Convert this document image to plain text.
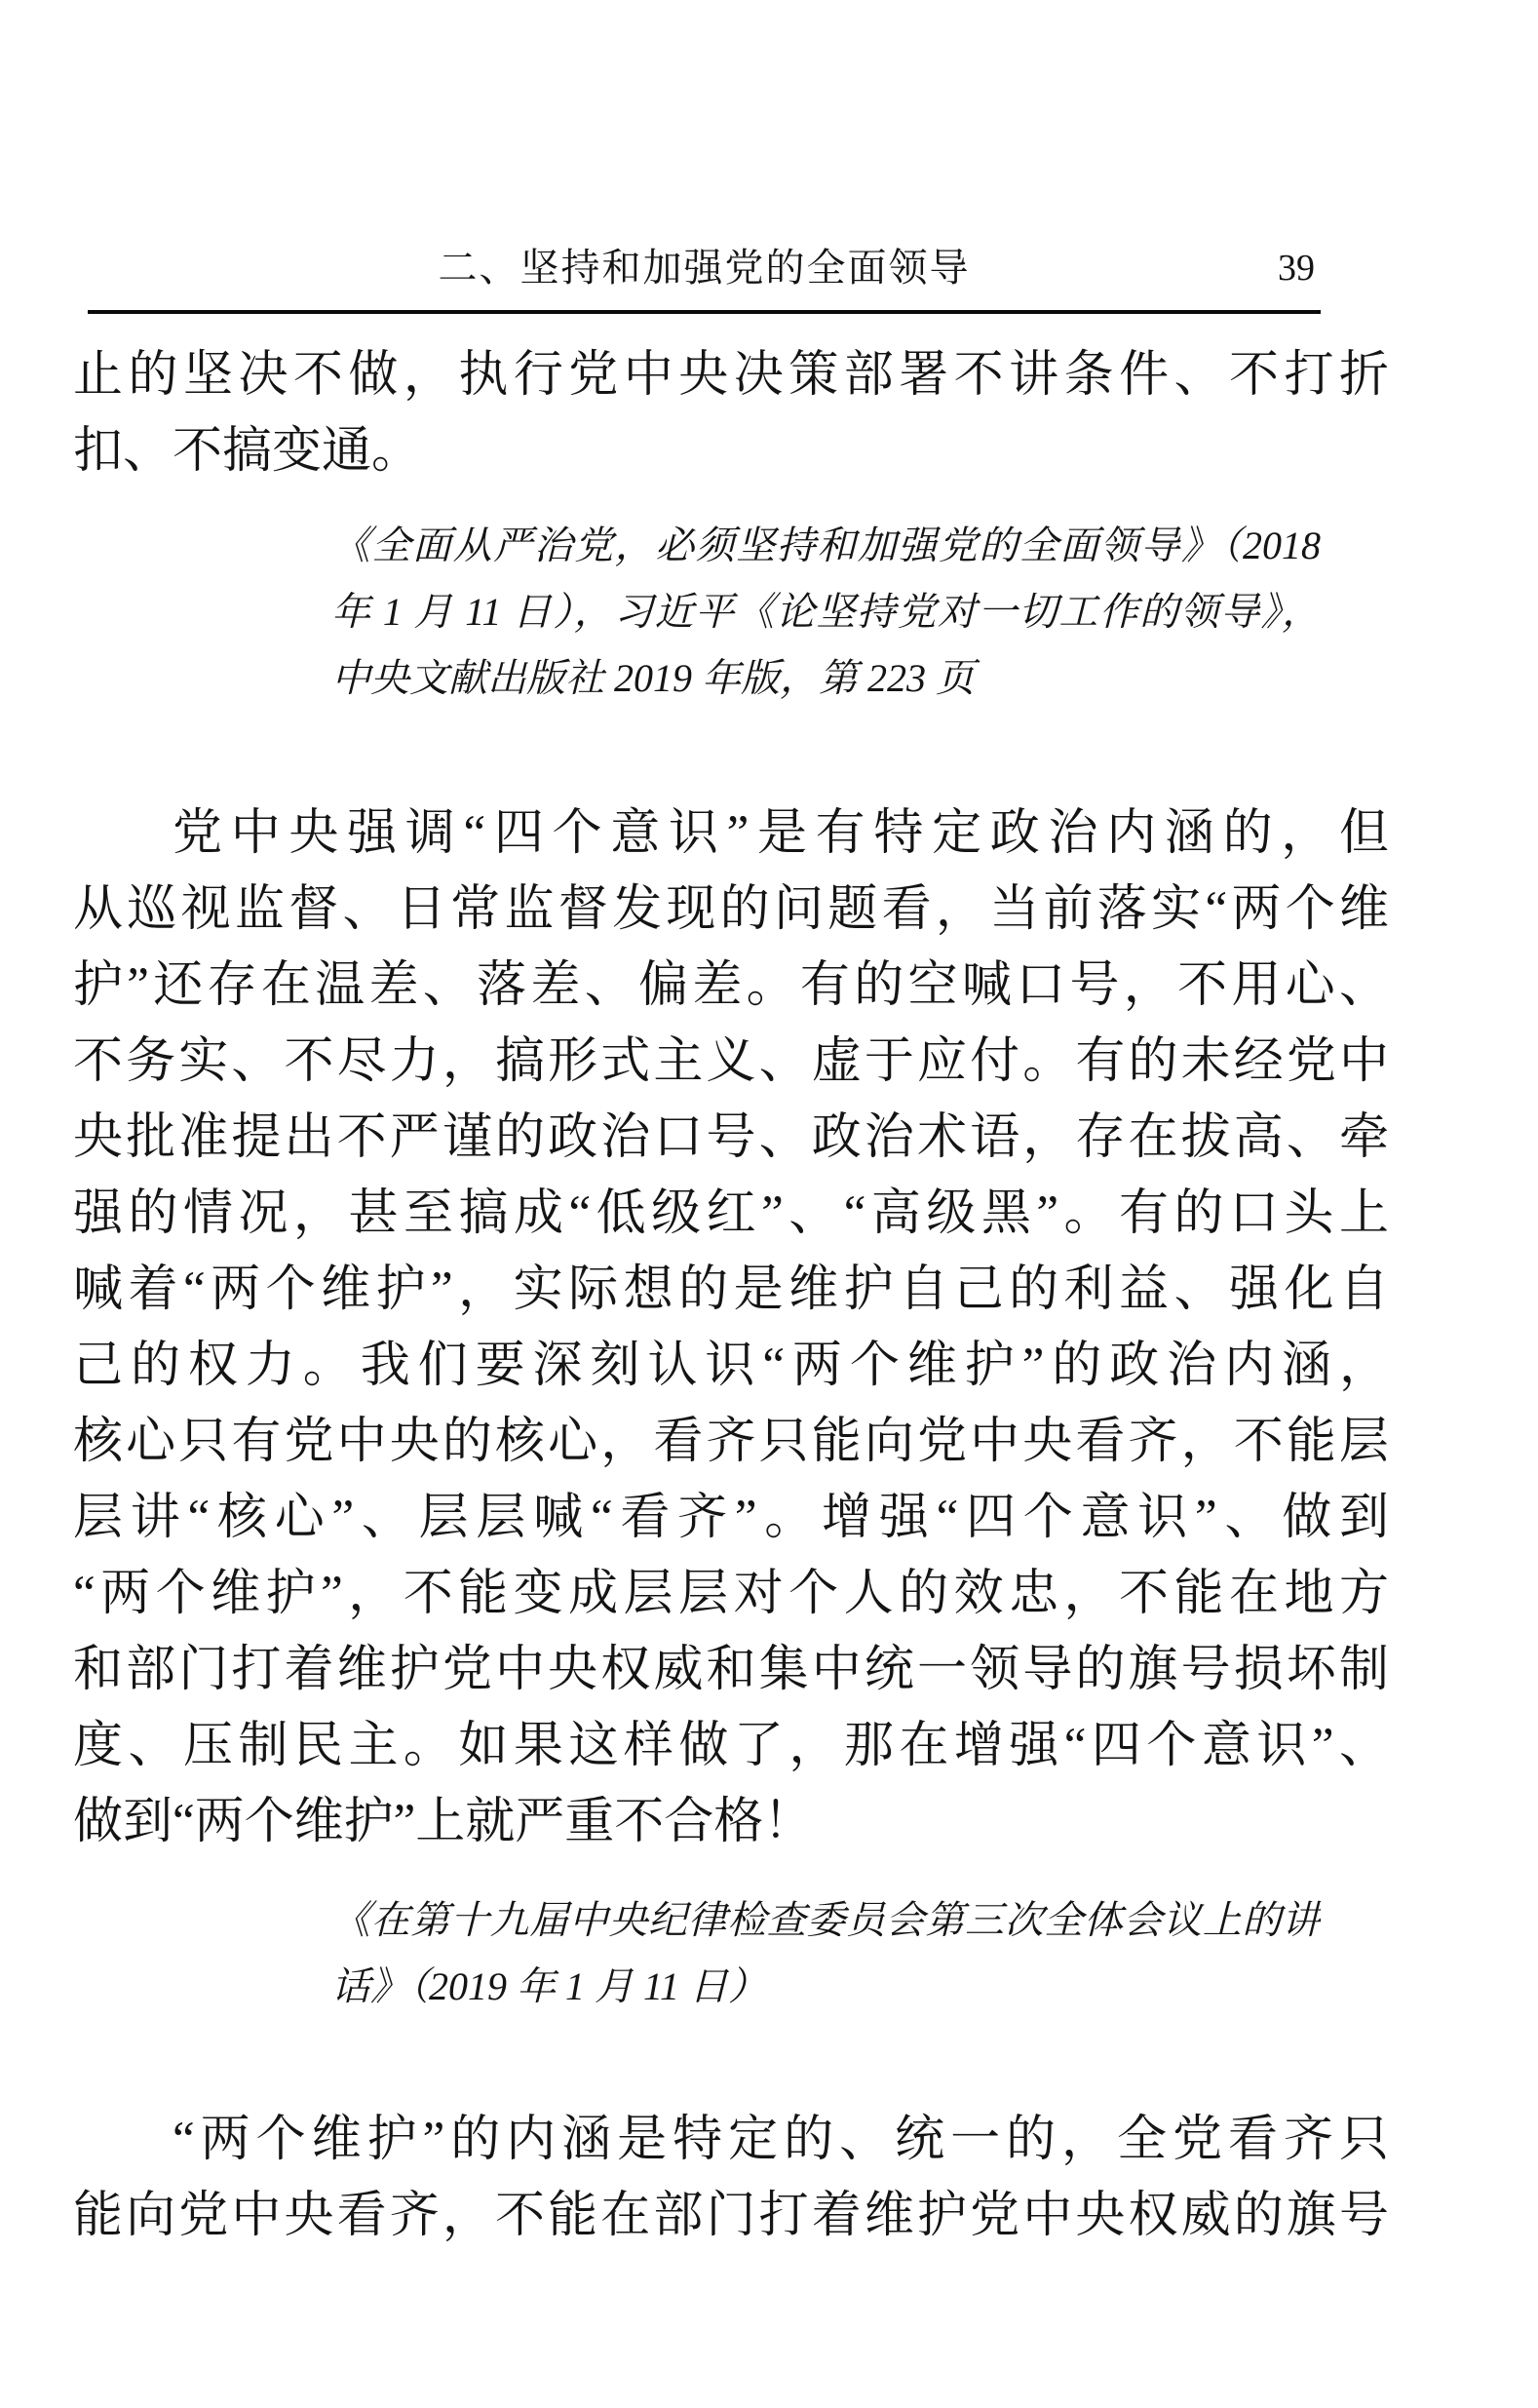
二、坚持和加强党的全面领导	39
止的坚决不做，执行党中央决策部署不讲条件、不打折
扣、不搞变通。
《全面从严治党，必须坚持和加强党的全面领导》（2018
年 1 月 11 日），习近平《论坚持党对一切工作的领导》，
中央文献出版社 2019 年版，第 223 页
党中央强调“四个意识”是有特定政治内涵的，但
从巡视监督、日常监督发现的问题看，当前落实“两个维
护”还存在温差、落差、偏差。有的空喊口号，不用心、
不务实、不尽力，搞形式主义、虚于应付。有的未经党中
央批准提出不严谨的政治口号、政治术语，存在拔高、牵
强的情况，甚至搞成“低级红”、“高级黑”。有的口头上
喊着“两个维护”，实际想的是维护自己的利益、强化自
己的权力。我们要深刻认识“两个维护”的政治内涵，
核心只有党中央的核心，看齐只能向党中央看齐，不能层
层讲“核心”、层层喊“看齐”。增强“四个意识”、做到
“两个维护”，不能变成层层对个人的效忠，不能在地方
和部门打着维护党中央权威和集中统一领导的旗号损坏制
度、压制民主。如果这样做了，那在增强“四个意识”、
做到“两个维护”上就严重不合格！
《在第十九届中央纪律检查委员会第三次全体会议上的讲
话》（2019 年 1 月 11 日）
“两个维护”的内涵是特定的、统一的，全党看齐只
能向党中央看齐，不能在部门打着维护党中央权威的旗号
